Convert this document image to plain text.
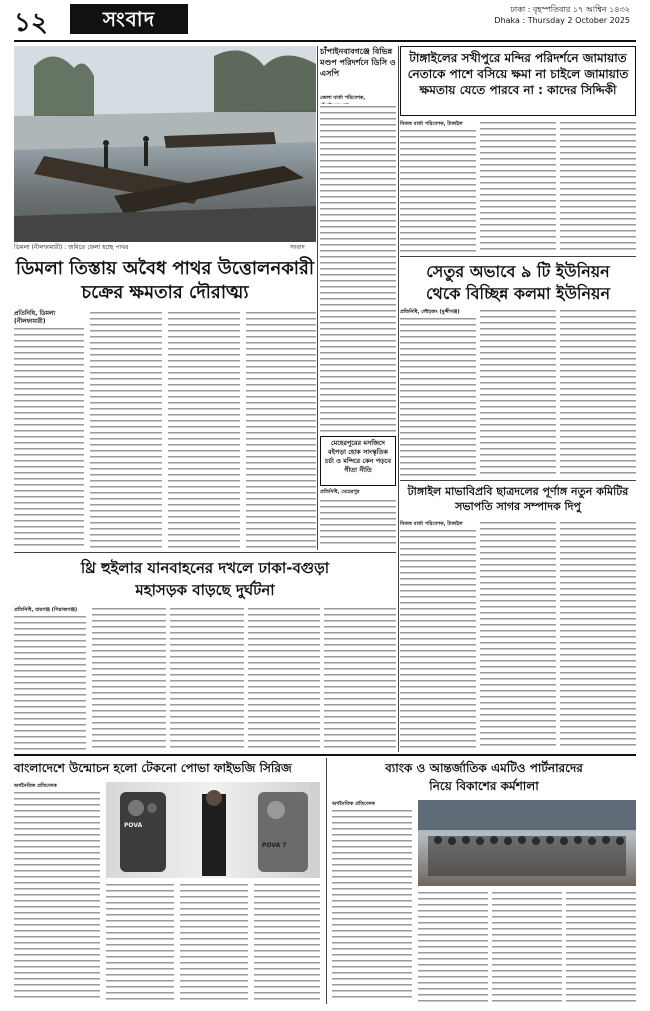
১২	সংবাদ	ঢাকা : বৃহস্পতিবার ১৭ আশ্বিন ১৪৩২
Dhaka : Thursday 2 October 2025
ডিমলা (নীলফামারী) : জমিতে ফেলা হচ্ছে পাথর	সংবাদ
ডিমলা তিস্তায় অবৈধ পাথর উত্তোলনকারী
চক্রের ক্ষমতার দৌরাত্ম্য
প্রতিনিধি, ডিমলা (নীলফামারী)
চাঁপাইনবাবগঞ্জে বিভিন্ন মণ্ডপ পরিদর্শনে ডিসি ও এসপি
জেলা বার্তা পরিবেশক,
মেহেরপুরের মসজিদে বইপড়া হোক সাংস্কৃতিক চর্চা ও মন্দিরে কেন পড়বে গীতা নীতি
প্রতিনিধি, মেহেরপুর
টাঙ্গাইলের সখীপুরে মন্দির পরিদর্শনে জামায়াত নেতাকে পাশে বসিয়ে ক্ষমা না চাইলে জামায়াত ক্ষমতায় যেতে পারবে না : কাদের সিদ্দিকী
নিজস্ব বার্তা পরিবেশক, টাঙ্গাইল
সেতুর অভাবে ৯ টি ইউনিয়ন
থেকে বিচ্ছিন্ন কলমা ইউনিয়ন
প্রতিনিধি, লৌহজং (মুন্সীগঞ্জ)
টাঙ্গাইল মাভাবিপ্রবি ছাত্রদলের পূর্ণাঙ্গ নতুন কমিটির সভাপতি সাগর সম্পাদক দিপু
নিজস্ব বার্তা পরিবেশক, টাঙ্গাইল
থ্রি হুইলার যানবাহনের দখলে ঢাকা-বগুড়া
মহাসড়ক বাড়ছে দুর্ঘটনা
প্রতিনিধি, রায়গঞ্জ (সিরাজগঞ্জ)
বাংলাদেশে উন্মোচন হলো টেকনো পোভা ফাইভজি সিরিজ
অর্থনৈতিক প্রতিবেদক
POVA
POVA 7
ব্যাংক ও আন্তর্জাতিক এমটিও পার্টনারদের
নিয়ে বিকাশের কর্মশালা
অর্থনৈতিক প্রতিবেদক
